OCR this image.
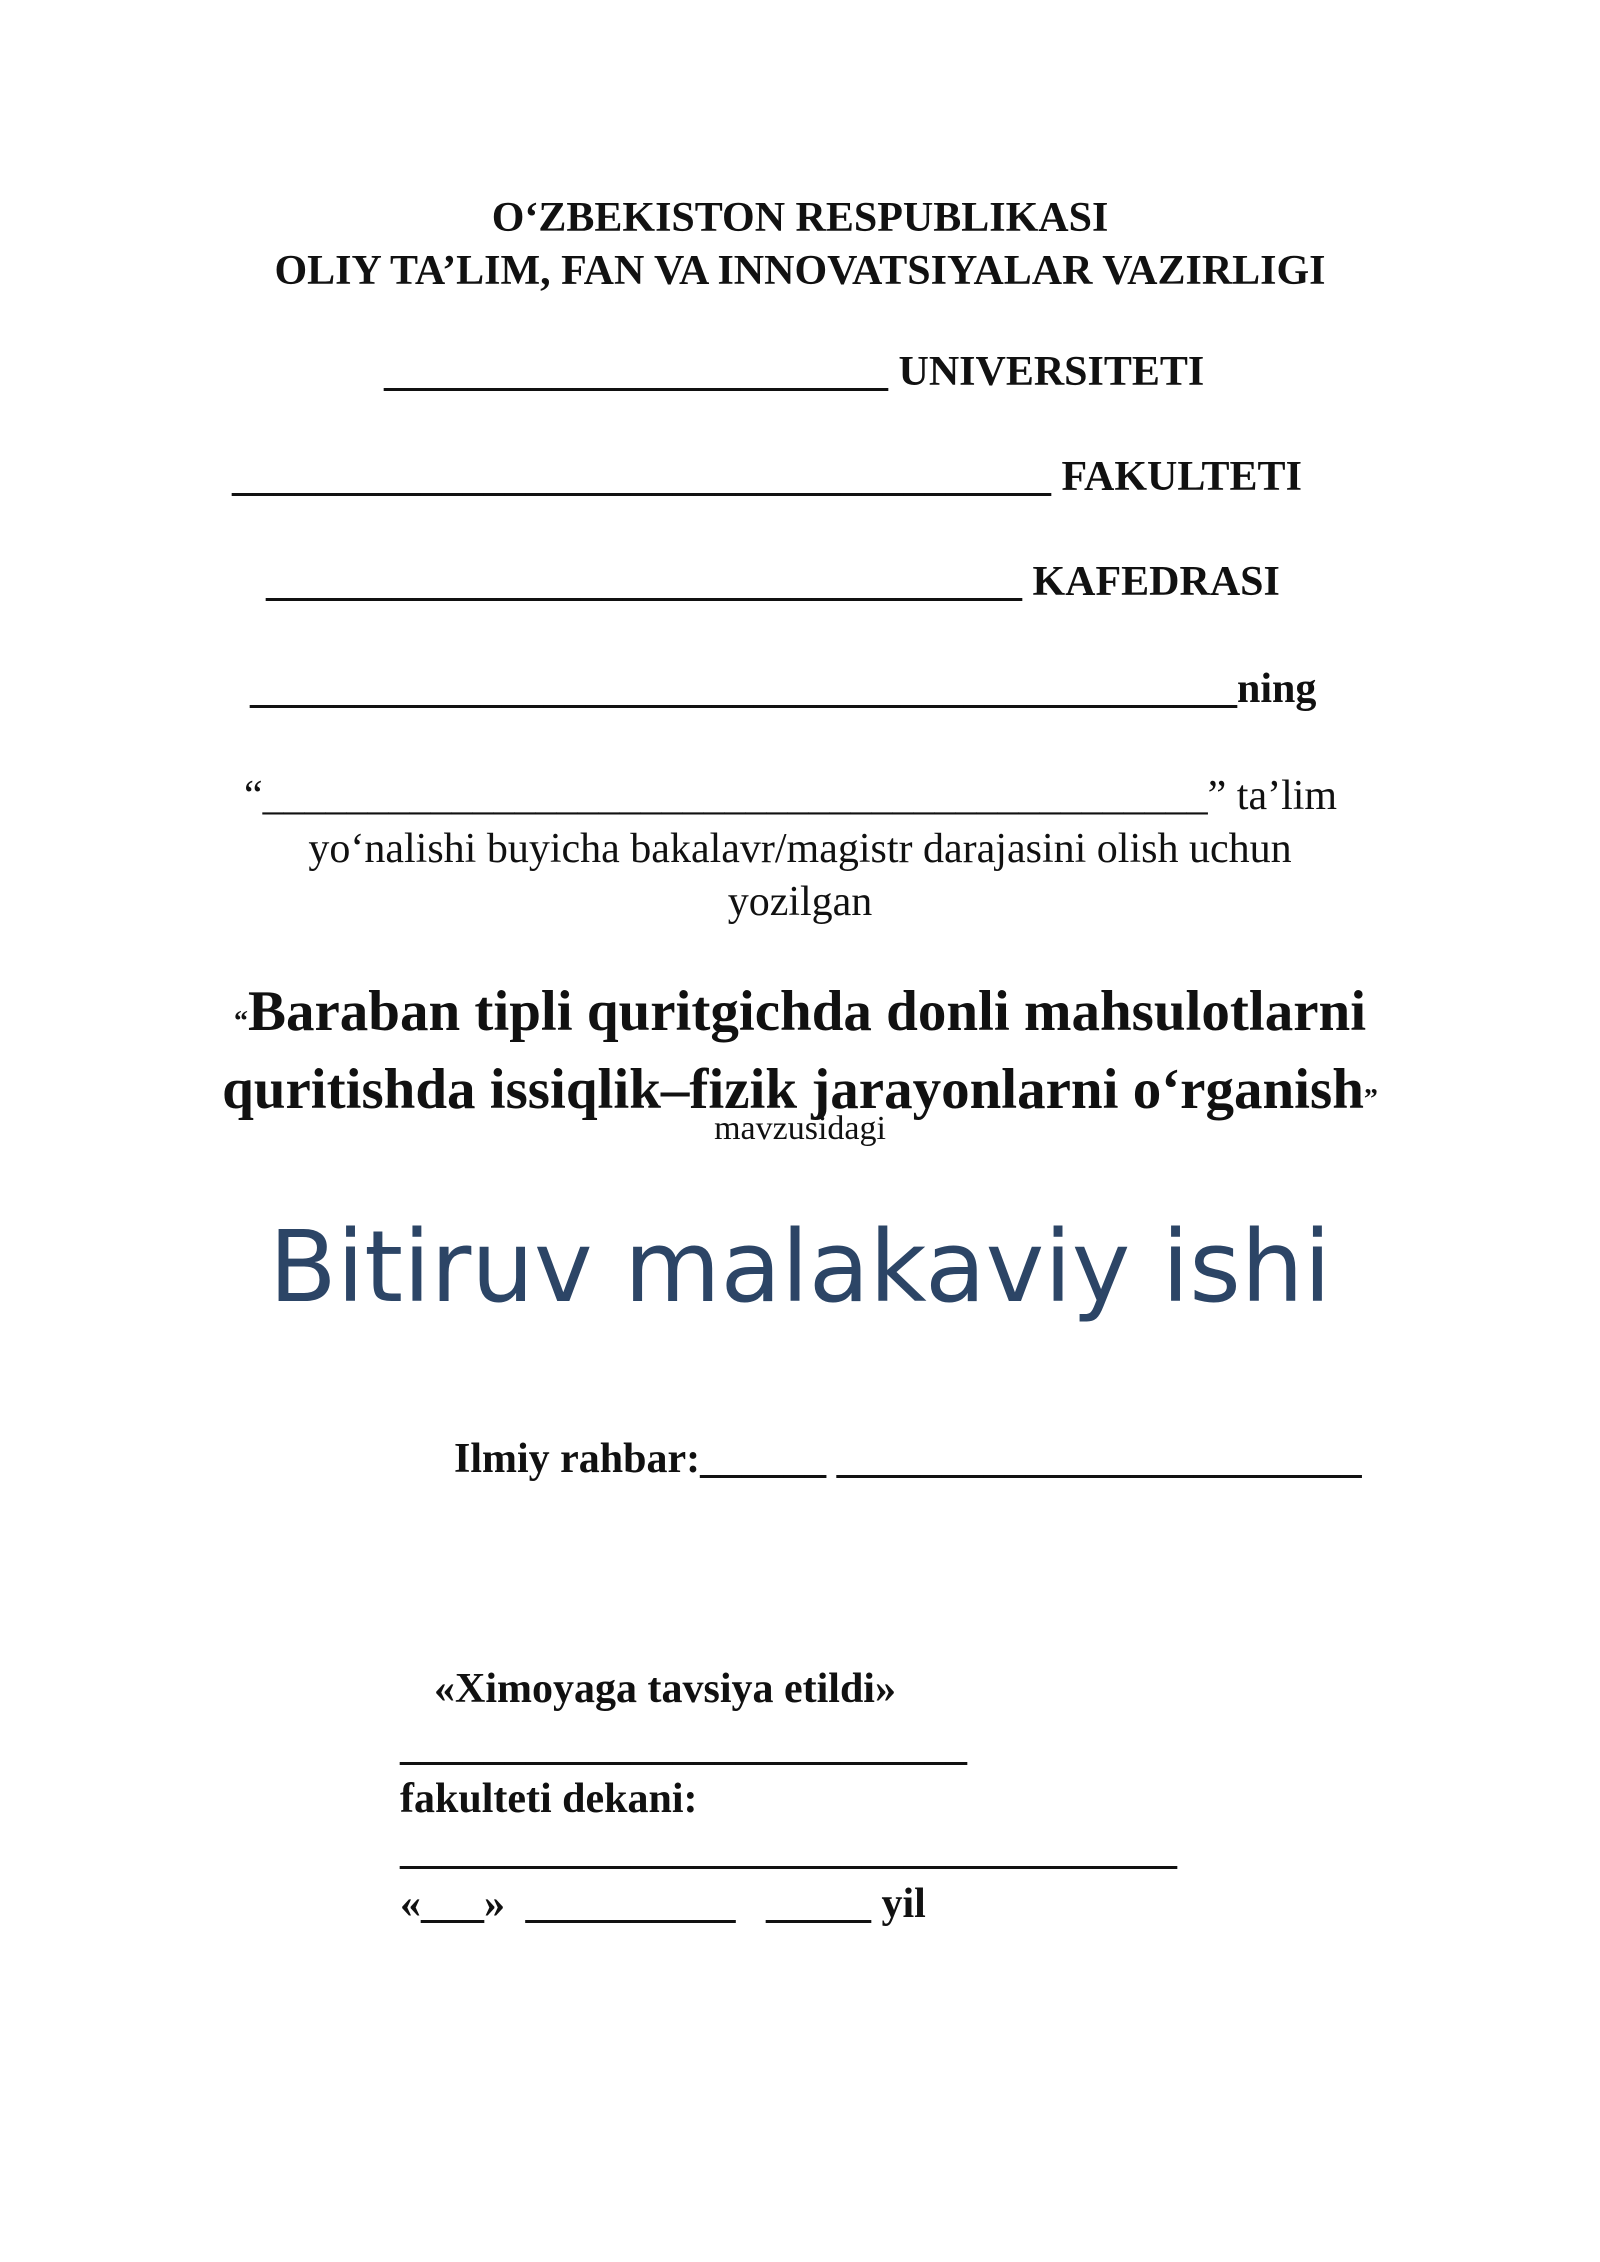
O‘ZBEKISTON RESPUBLIKASI
OLIY TA’LIM, FAN VA INNOVATSIYALAR VAZIRLIGI
________________________ UNIVERSITETI
_______________________________________ FAKULTETI
____________________________________ KAFEDRASI
_______________________________________________ning
“_____________________________________________” ta’lim
yo‘nalishi buyicha bakalavr/magistr darajasini olish uchun
yozilgan
“Baraban tipli quritgichda donli mahsulotlarni
quritishda issiqlik–fizik jarayonlarni o‘rganish”
mavzusidagi
Bitiruv malakaviy ishi
Ilmiy rahbar:______ _________________________
«Ximoyaga tavsiya etildi»
___________________________
fakulteti dekani:
_____________________________________
«___» __________ _____ yil
